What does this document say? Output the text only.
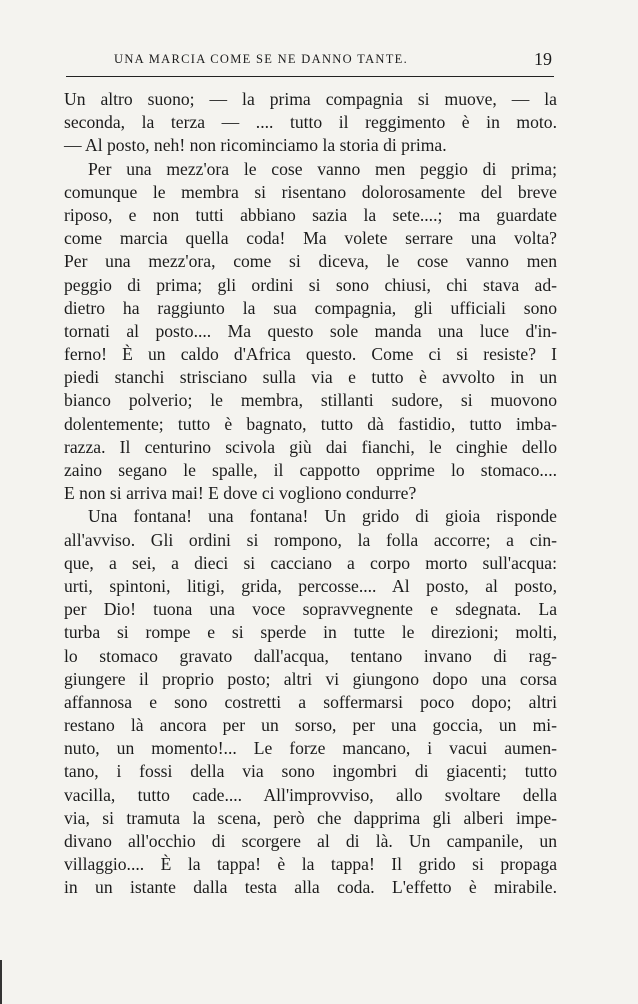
UNA MARCIA COME SE NE DANNO TANTE.	19
Un altro suono; — la prima compagnia si muove, — la
seconda, la terza — .... tutto il reggimento è in moto.
— Al posto, neh! non ricominciamo la storia di prima.
Per una mezz'ora le cose vanno men peggio di prima;
comunque le membra si risentano dolorosamente del breve
riposo, e non tutti abbiano sazia la sete....; ma guardate
come marcia quella coda! Ma volete serrare una volta?
Per una mezz'ora, come si diceva, le cose vanno men
peggio di prima; gli ordini si sono chiusi, chi stava ad-
dietro ha raggiunto la sua compagnia, gli ufficiali sono
tornati al posto.... Ma questo sole manda una luce d'in-
ferno! È un caldo d'Africa questo. Come ci si resiste? I
piedi stanchi strisciano sulla via e tutto è avvolto in un
bianco polverio; le membra, stillanti sudore, si muovono
dolentemente; tutto è bagnato, tutto dà fastidio, tutto imba-
razza. Il centurino scivola giù dai fianchi, le cinghie dello
zaino segano le spalle, il cappotto opprime lo stomaco....
E non si arriva mai! E dove ci vogliono condurre?
Una fontana! una fontana! Un grido di gioia risponde
all'avviso. Gli ordini si rompono, la folla accorre; a cin-
que, a sei, a dieci si cacciano a corpo morto sull'acqua:
urti, spintoni, litigi, grida, percosse.... Al posto, al posto,
per Dio! tuona una voce sopravvegnente e sdegnata. La
turba si rompe e si sperde in tutte le direzioni; molti,
lo stomaco gravato dall'acqua, tentano invano di rag-
giungere il proprio posto; altri vi giungono dopo una corsa
affannosa e sono costretti a soffermarsi poco dopo; altri
restano là ancora per un sorso, per una goccia, un mi-
nuto, un momento!... Le forze mancano, i vacui aumen-
tano, i fossi della via sono ingombri di giacenti; tutto
vacilla, tutto cade.... All'improvviso, allo svoltare della
via, si tramuta la scena, però che dapprima gli alberi impe-
divano all'occhio di scorgere al di là. Un campanile, un
villaggio.... È la tappa! è la tappa! Il grido si propaga
in un istante dalla testa alla coda. L'effetto è mirabile.
